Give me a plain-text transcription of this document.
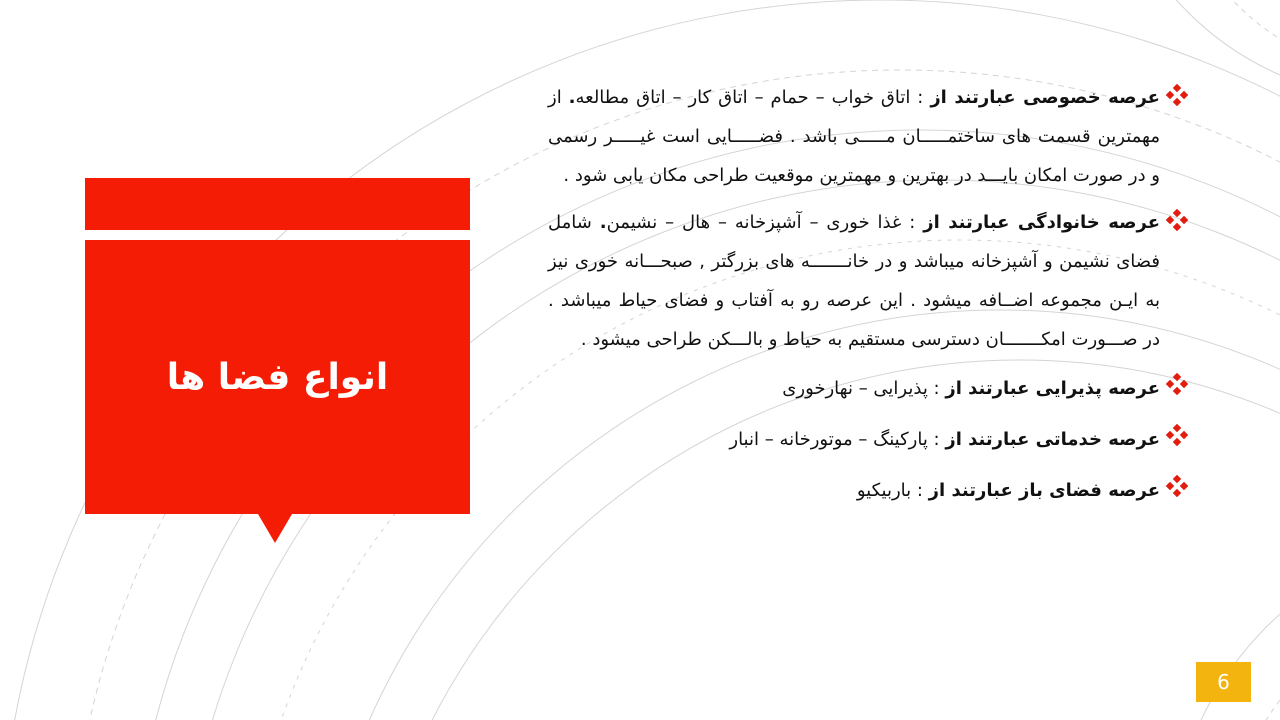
انواع فضا ها
عرصه خصوصی عبارتند از : اتاق خواب – حمام – اتاق کار – اتاق مطالعه. از مهمترین قسمت های ساختمـــــان مـــــی باشد . فضـــــایی است غیـــــر رسمی و در صورت امکان بایـــد در بهترین و مهمترین موقعیت طراحی مکان یابی شود .
عرصه خانوادگی عبارتند از : غذا خوری – آشپزخانه – هال – نشیمن. شامل فضای نشیمن و آشپزخانه میباشد و در خانـــــــه های بزرگتر , صبحـــانه خوری نیز به ایـن مجموعه اضــافه میشود . این عرصه رو به آفتاب و فضای حیاط میباشد . در صـــورت امکـــــــان دسترسی مستقیم به حیاط و بالـــکن طراحی میشود .
عرصه پذیرایی عبارتند از : پذیرایی – نهارخوری
عرصه خدماتی عبارتند از : پارکینگ – موتورخانه – انبار
عرصه فضای باز عبارتند از : باربیکیو
6
